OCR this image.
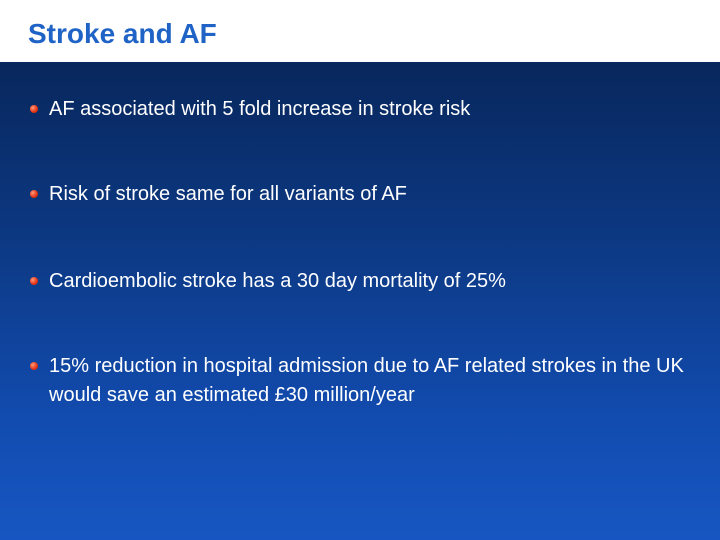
Stroke and AF
AF associated with 5 fold increase in stroke risk
Risk of stroke same for all variants of AF
Cardioembolic stroke has a 30 day mortality of 25%
15% reduction in hospital admission due to AF related strokes in the UK would save an estimated £30 million/year
